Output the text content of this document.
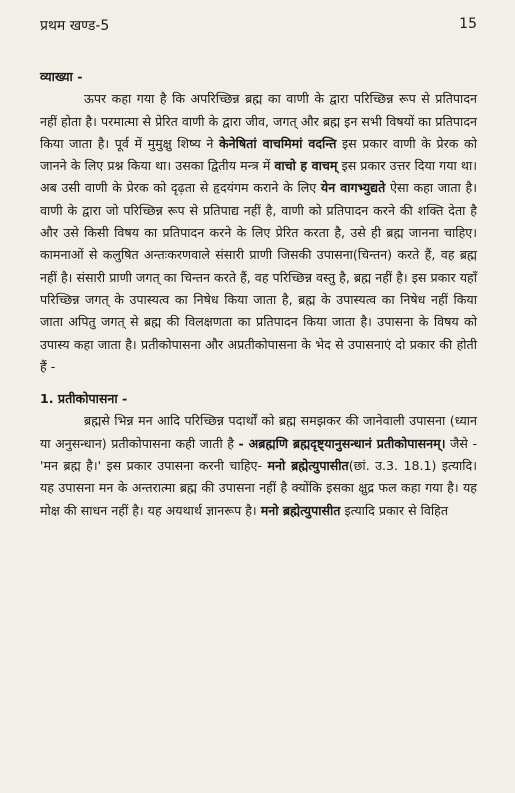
प्रथम खण्ड-5	15
व्याख्या -

ऊपर कहा गया है कि अपरिच्छिन्न ब्रह्म का वाणी के द्वारा परिच्छिन्न रूप से प्रतिपादन नहीं होता है। परमात्मा से प्रेरित वाणी के द्वारा जीव, जगत् और ब्रह्म इन सभी विषयों का प्रतिपादन किया जाता है। पूर्व में मुमुक्षु शिष्य ने केनेषितां वाचमिमां वदन्ति इस प्रकार वाणी के प्रेरक को जानने के लिए प्रश्न किया था। उसका द्वितीय मन्त्र में वाचो ह वाचम् इस प्रकार उत्तर दिया गया था। अब उसी वाणी के प्रेरक को दृढ़ता से हृदयंगम कराने के लिए येन वागभ्युद्यते ऐसा कहा जाता है। वाणी के द्वारा जो परिच्छिन्न रूप से प्रतिपाद्य नहीं है, वाणी को प्रतिपादन करने की शक्ति देता है और उसे किसी विषय का प्रतिपादन करने के लिए प्रेरित करता है, उसे ही ब्रह्म जानना चाहिए। कामनाओं से कलुषित अन्तःकरणवाले संसारी प्राणी जिसकी उपासना(चिन्तन) करते हैं, वह ब्रह्म नहीं है। संसारी प्राणी जगत् का चिन्तन करते हैं, वह परिच्छिन्न वस्तु है, ब्रह्म नहीं है। इस प्रकार यहाँ परिच्छिन्न जगत् के उपास्यत्व का निषेध किया जाता है, ब्रह्म के उपास्यत्व का निषेध नहीं किया जाता अपितु जगत् से ब्रह्म की विलक्षणता का प्रतिपादन किया जाता है। उपासना के विषय को उपास्य कहा जाता है। प्रतीकोपासना और अप्रतीकोपासना के भेद से उपासनाएं दो प्रकार की होती हैं -

1. प्रतीकोपासना -

ब्रह्मसे भिन्न मन आदि परिच्छिन्न पदार्थों को ब्रह्म समझकर की जानेवाली उपासना (ध्यान या अनुसन्धान) प्रतीकोपासना कही जाती है - अब्रह्मणि ब्रह्मदृष्ट्यानुसन्धानं प्रतीकोपासनम्। जैसे - 'मन ब्रह्म है।' इस प्रकार उपासना करनी चाहिए- मनो ब्रह्मेत्युपासीत(छां. उ.3. 18.1) इत्यादि। यह उपासना मन के अन्तरात्मा ब्रह्म की उपासना नहीं है क्योंकि इसका क्षुद्र फल कहा गया है। यह मोक्ष की साधन नहीं है। यह अयथार्थ ज्ञानरूप है। मनो ब्रह्मेत्युपासीत इत्यादि प्रकार से विहित
